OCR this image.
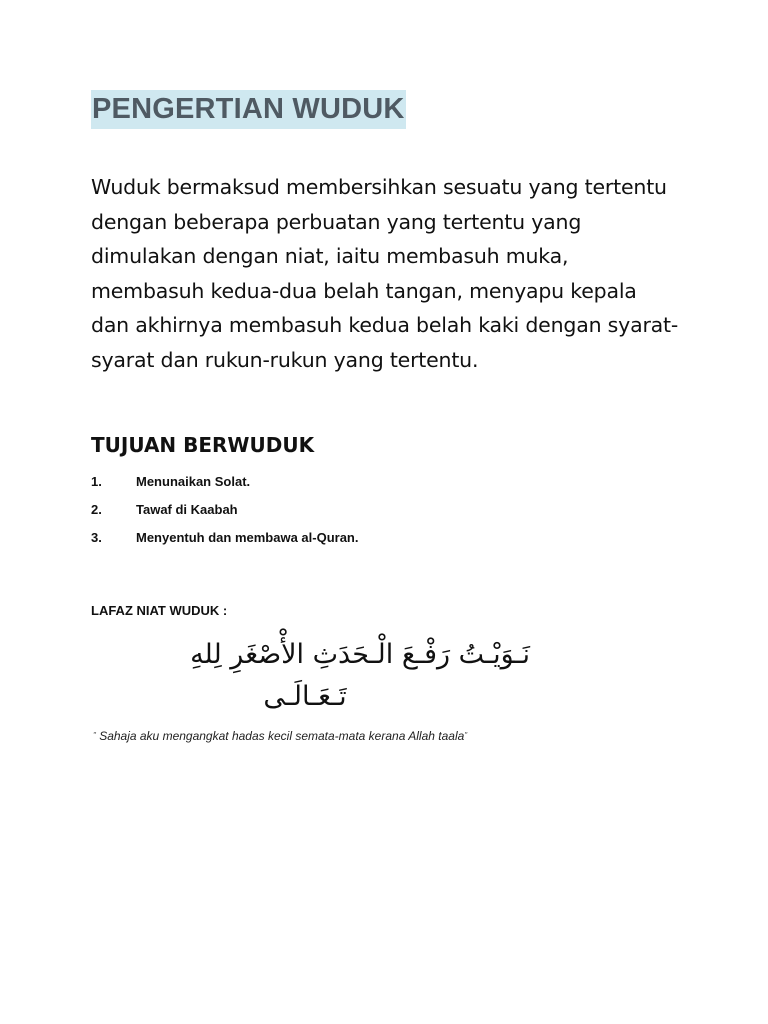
PENGERTIAN WUDUK

Wuduk bermaksud membersihkan sesuatu yang tertentu
dengan beberapa perbuatan yang tertentu yang
dimulakan dengan niat, iaitu membasuh muka,
membasuh kedua-dua belah tangan, menyapu kepala
dan akhirnya membasuh kedua belah kaki dengan syarat-
syarat dan rukun-rukun yang tertentu.

TUJUAN BERWUDUK
1.	Menunaikan Solat.
2.	Tawaf di Kaabah
3.	Menyentuh dan membawa al-Quran.

LAFAZ NIAT WUDUK :

نَـوَيْـتُ رَفْـعَ الْـحَدَثِ الأْصْغَرِ لِلهِ
تَـعَـالَـى

" Sahaja aku mengangkat hadas kecil semata-mata kerana Allah taala"
